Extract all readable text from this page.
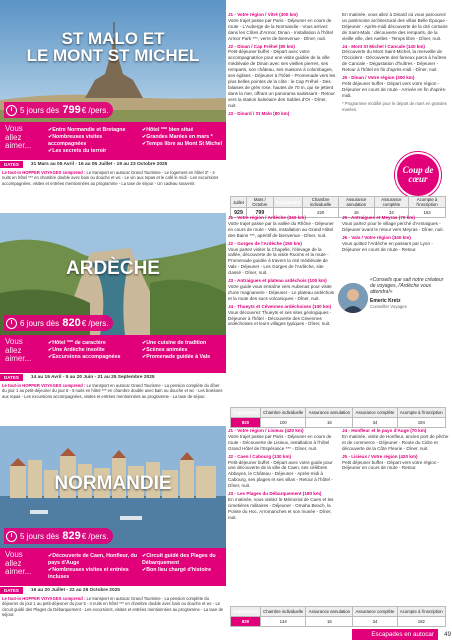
ST MALO ET
LE MONT ST MICHEL
5 jours dès
799 € /pers.
Vous allez aimer...
✔ Entre Normandie et Bretagne
✔ Nombreuses visites accompagnées
✔ Les secrets du terroir
✔ Hôtel *** bien situé
✔ Grandes Marées en mars *
✔ Temps libre au Mont St Michel
DATES	31 Mars au 05 Avril - 16 au 05 Juillet - 19 au 23 Octobre 2025
Le tout-in HOPPER VOYAGES comprend : Le transport en autocar Grand Tourisme - Le logement en hôtel 3* - 4 nuits en hôtel *** en chambre double avec bain ou douche et wc - Le vin aux repas et le café le midi - Les excursions accompagnées, visites et entrées mentionnées au programme - La taxe de séjour - Un cadeau souvenir.
J1 - Votre région / Vitré (300 km)
Votre trajet passe par Paris - Déjeuner en cours de route - L'Auberge de la Normandie - Vous arrivez dans les Côtes d'Armor, Dinan - Installation à l'hôtel Armor Park ***, verre de bienvenue - Dîner, nuit.
J2 - Dinan / Cap Fréhel (80 km)
Petit-déjeuner buffet - Départ avec votre accompagnatrice pour une visite guidée de la ville médiévale de Dinan avec ses vieilles pierres, ses remparts, son château, ses maisons à colombages, ses églises - Déjeuner à l'hôtel - Promenade vers les plus belles pointes de la côte : le Cap Fréhel - Des falaises de grès rose, hautes de 70 m, qui se jettent dans la mer, offrant un panorama saisissant - Retour vers la station balnéaire des Sables d'Or - Dîner, nuit.
J3 - Dinard / St Malo (80 km)
En matinée, vous allez à Dinard où vous parcourez un patrimoine architectural des villas Belle Époque - Déjeuner - Après-midi découverte de la cité corsaire de Saint-Malo : découverte des remparts, de la vieille ville, des ruelles - Temps libre - Dîner, nuit.
J4 - Mont St Michel / Cancale (140 km)
Découverte du Mont Saint-Michel, la merveille de l'Occident - Découverte des fameux parcs à huîtres de Cancale - Dégustation d'huîtres - Déjeuner - Retour à l'hôtel en fin d'après-midi - Dîner, nuit.
J5 - Dinan / Votre région (300 km)
Petit déjeuner buffet - Départ vers votre région - Déjeuner en cours de route - Arrivée en fin d'après-midi.
* Programme modifié pour le départ de mars en grandes marées.
Coup de cœur
Juillet	Mars / Octobre	Supplément	Chambre individuelle	Assurance annulation	Assurance complète	Acompte à l'inscription
929	799		220	16	34	153
ARDÈCHE
6 jours dès
820 € /pers.
Vous allez aimer...
✔ Hôtel *** de caractère
✔ Une Ardèche insolite
✔ Excursions accompagnées
✔ Une cuisine de tradition
✔ Scènes animées
✔ Promenade guidée à Vals
DATES	14 au 19 Avril - 5 au 20 Juin - 21 au 25 Septembre 2025
Le tout-in HOPPER VOYAGES comprend : Le transport en autocar Grand Tourisme - La pension complète du dîner du jour 1 au petit-déjeuner du jour 6 - 5 nuits en hôtel *** en chambre double avec bain ou douche et wc - Les boissons aux repas - Les excursions accompagnées, visites et entrées mentionnées au programme - La taxe de séjour.
J1 - Votre région / Ardèche (340 km)
Votre trajet passe par la vallée du Rhône - Déjeuner en cours de route - Vals, installation au Grand Hôtel des Bains ***, apéritif de bienvenue - Dîner, nuit.
J2 - Gorges de l'Ardèche (150 km)
Vous partez visiter la Chapelle, l'élevage de la vallée, découverte de la visite Ruoms et la route - Promenade guidée à travers la cité médiévale de Vals - Déjeuner - Les Gorges de l'Ardèche, site classé - Dîner, nuit.
J3 - Antraigues et plateau ardéchois (100 km)
Votre guide vous entraîne vers Aubenas pour visite d'une magnanerie - Déjeuner - Le plateau ardéchois et la route des sucs volcaniques - Dîner, nuit.
J4 - Thueyts et Cévennes ardéchoises (100 km)
Vous découvrez Thueyts et ses sites géologiques - Déjeuner à l'hôtel - Découverte des Cévennes ardéchoises et leurs villages typiques - Dîner, nuit.
J5 - Antraigues et Meyras (70 km)
Vous partez pour le village perché d'Antraigues - Déjeuner avant le retour vers Meyras - Dîner, nuit.
J6 - Vals / Votre région (340 km)
Vous quittez l'Ardèche en passant par Lyon - Déjeuner en cours de route - Retour.
«Conseils que sait notre créateur de voyages, l'Ardèche vous attendra!»
Emeric Kretz
Conseiller Voyages
Supplément	Chambre individuelle	Assurance annulation	Assurance complète	Acompte à l'inscription
820	100	16	34	194
NORMANDIE
5 jours dès
829 € /pers.
Vous allez aimer...
✔ Découverte de Caen, Honfleur, du pays d'Auge
✔ Nombreuses visites et entrées incluses
✔ Circuit guidé des Plages du Débarquement
✔ Bon lieu chargé d'histoire
DATES	16 au 20 Juillet - 22 au 26 Octobre 2025
Le tout-in HOPPER VOYAGES comprend : Le transport en autocar Grand Tourisme - La pension complète du déjeuner du jour 1 au petit-déjeuner du jour 5 - 4 nuits en hôtel *** en chambre double avec bain ou douche et wc - Le circuit guidé des Plages du Débarquement - Les excursions, visites et entrées mentionnées au programme - La taxe de séjour.
J1 - Votre région / Lisieux (420 km)
Votre trajet passe par Paris - Déjeuner en cours de route - Découverte de Lisieux, installation à l'hôtel Grand Hôtel de l'Espérance *** - Dîner, nuit.
J2 - Caen / Cabourg (130 km)
Petit-déjeuner buffet - Départ avec votre guide pour une découverte de la ville de Caen, ses célèbres Abbayes, le Château - Déjeuner - Après-midi à Cabourg, ses plages et ses villas - Retour à l'hôtel - Dîner, nuit.
J3 - Les Plages du Débarquement (180 km)
En matinée, vous visitez le Mémorial de Caen et les cimetières militaires - Déjeuner - Omaha Beach, la Pointe du Hoc, Arromanches et son musée - Dîner, nuit.
J4 - Honfleur et le pays d'Auge (70 km)
En matinée, visite de Honfleur, ancien port de pêche et de commerce - Déjeuner - Route du Cidre et découverte de la Côte Fleurie - Dîner, nuit.
J5 - Lisieux / Votre région (420 km)
Petit déjeuner buffet - Départ vers votre région - Déjeuner en cours de route - Retour.
Supplément	Chambre individuelle	Assurance annulation	Assurance complète	Acompte à l'inscription
829	134	16	34	182
Escapades en autocar	49
